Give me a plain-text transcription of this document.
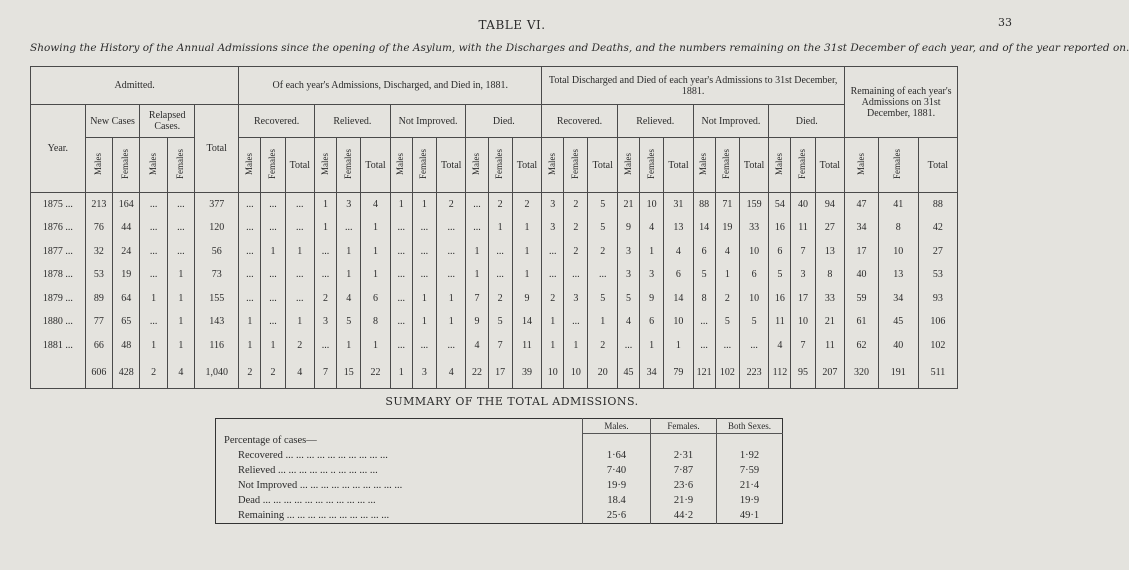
TABLE VI.	33
Showing the History of the Annual Admissions since the opening of the Asylum, with the Discharges and Deaths, and the numbers remaining on the 31st December of each year, and of the year reported on.
Admitted.						Of each year's Admissions, Discharged, and Died in, 1881.												Total Discharged and Died of each year's Admissions to 31st December, 1881.												Remaining of each year's Admissions on 31st December, 1881.		
Year.	New Cases		Relapsed Cases.		Total	Recovered.			Relieved.			Not Improved.			Died.			Recovered.			Relieved.			Not Improved.			Died.					
	Males	Females	Males	Females		Males	Females	Total	Males	Females	Total	Males	Females	Total	Males	Females	Total	Males	Females	Total	Males	Females	Total	Males	Females	Total	Males	Females	Total	Males	Females	Total
1875 ...	213	164	...	...	377	...	...	...	1	3	4	1	1	2	...	2	2	3	2	5	21	10	31	88	71	159	54	40	94	47	41	88
1876 ...	76	44	...	...	120	...	...	...	1	...	1	...	...	...	...	1	1	3	2	5	9	4	13	14	19	33	16	11	27	34	8	42
1877 ...	32	24	...	...	56	...	1	1	...	1	1	...	...	...	1	...	1	...	2	2	3	1	4	6	4	10	6	7	13	17	10	27
1878 ...	53	19	...	1	73	...	...	...	...	1	1	...	...	...	1	...	1	...	...	...	3	3	6	5	1	6	5	3	8	40	13	53
1879 ...	89	64	1	1	155	...	...	...	2	4	6	...	1	1	7	2	9	2	3	5	5	9	14	8	2	10	16	17	33	59	34	93
1880 ...	77	65	...	1	143	1	...	1	3	5	8	...	1	1	9	5	14	1	...	1	4	6	10	...	5	5	11	10	21	61	45	106
1881 ...	66	48	1	1	116	1	1	2	...	1	1	...	...	...	4	7	11	1	1	2	...	1	1	...	...	...	4	7	11	62	40	102
	606	428	2	4	1,040	2	2	4	7	15	22	1	3	4	22	17	39	10	10	20	45	34	79	121	102	223	112	95	207	320	191	511
SUMMARY OF THE TOTAL ADMISSIONS.
	Males.	Females.	Both Sexes.
Percentage of cases—			
Recovered ... ... ... ... ... ... ... ... ... ...	1·64	2·31	1·92
Relieved ... ... ... ... ... .. ... ... ... ...	7·40	7·87	7·59
Not Improved ... ... ... ... ... ... ... ... ... ...	19·9	23·6	21·4
Dead ... ... ... ... ... ... ... ... ... ... ...	18.4	21·9	19·9
Remaining ... ... ... ... ... ... ... ... ... ...	25·6	44·2	49·1
